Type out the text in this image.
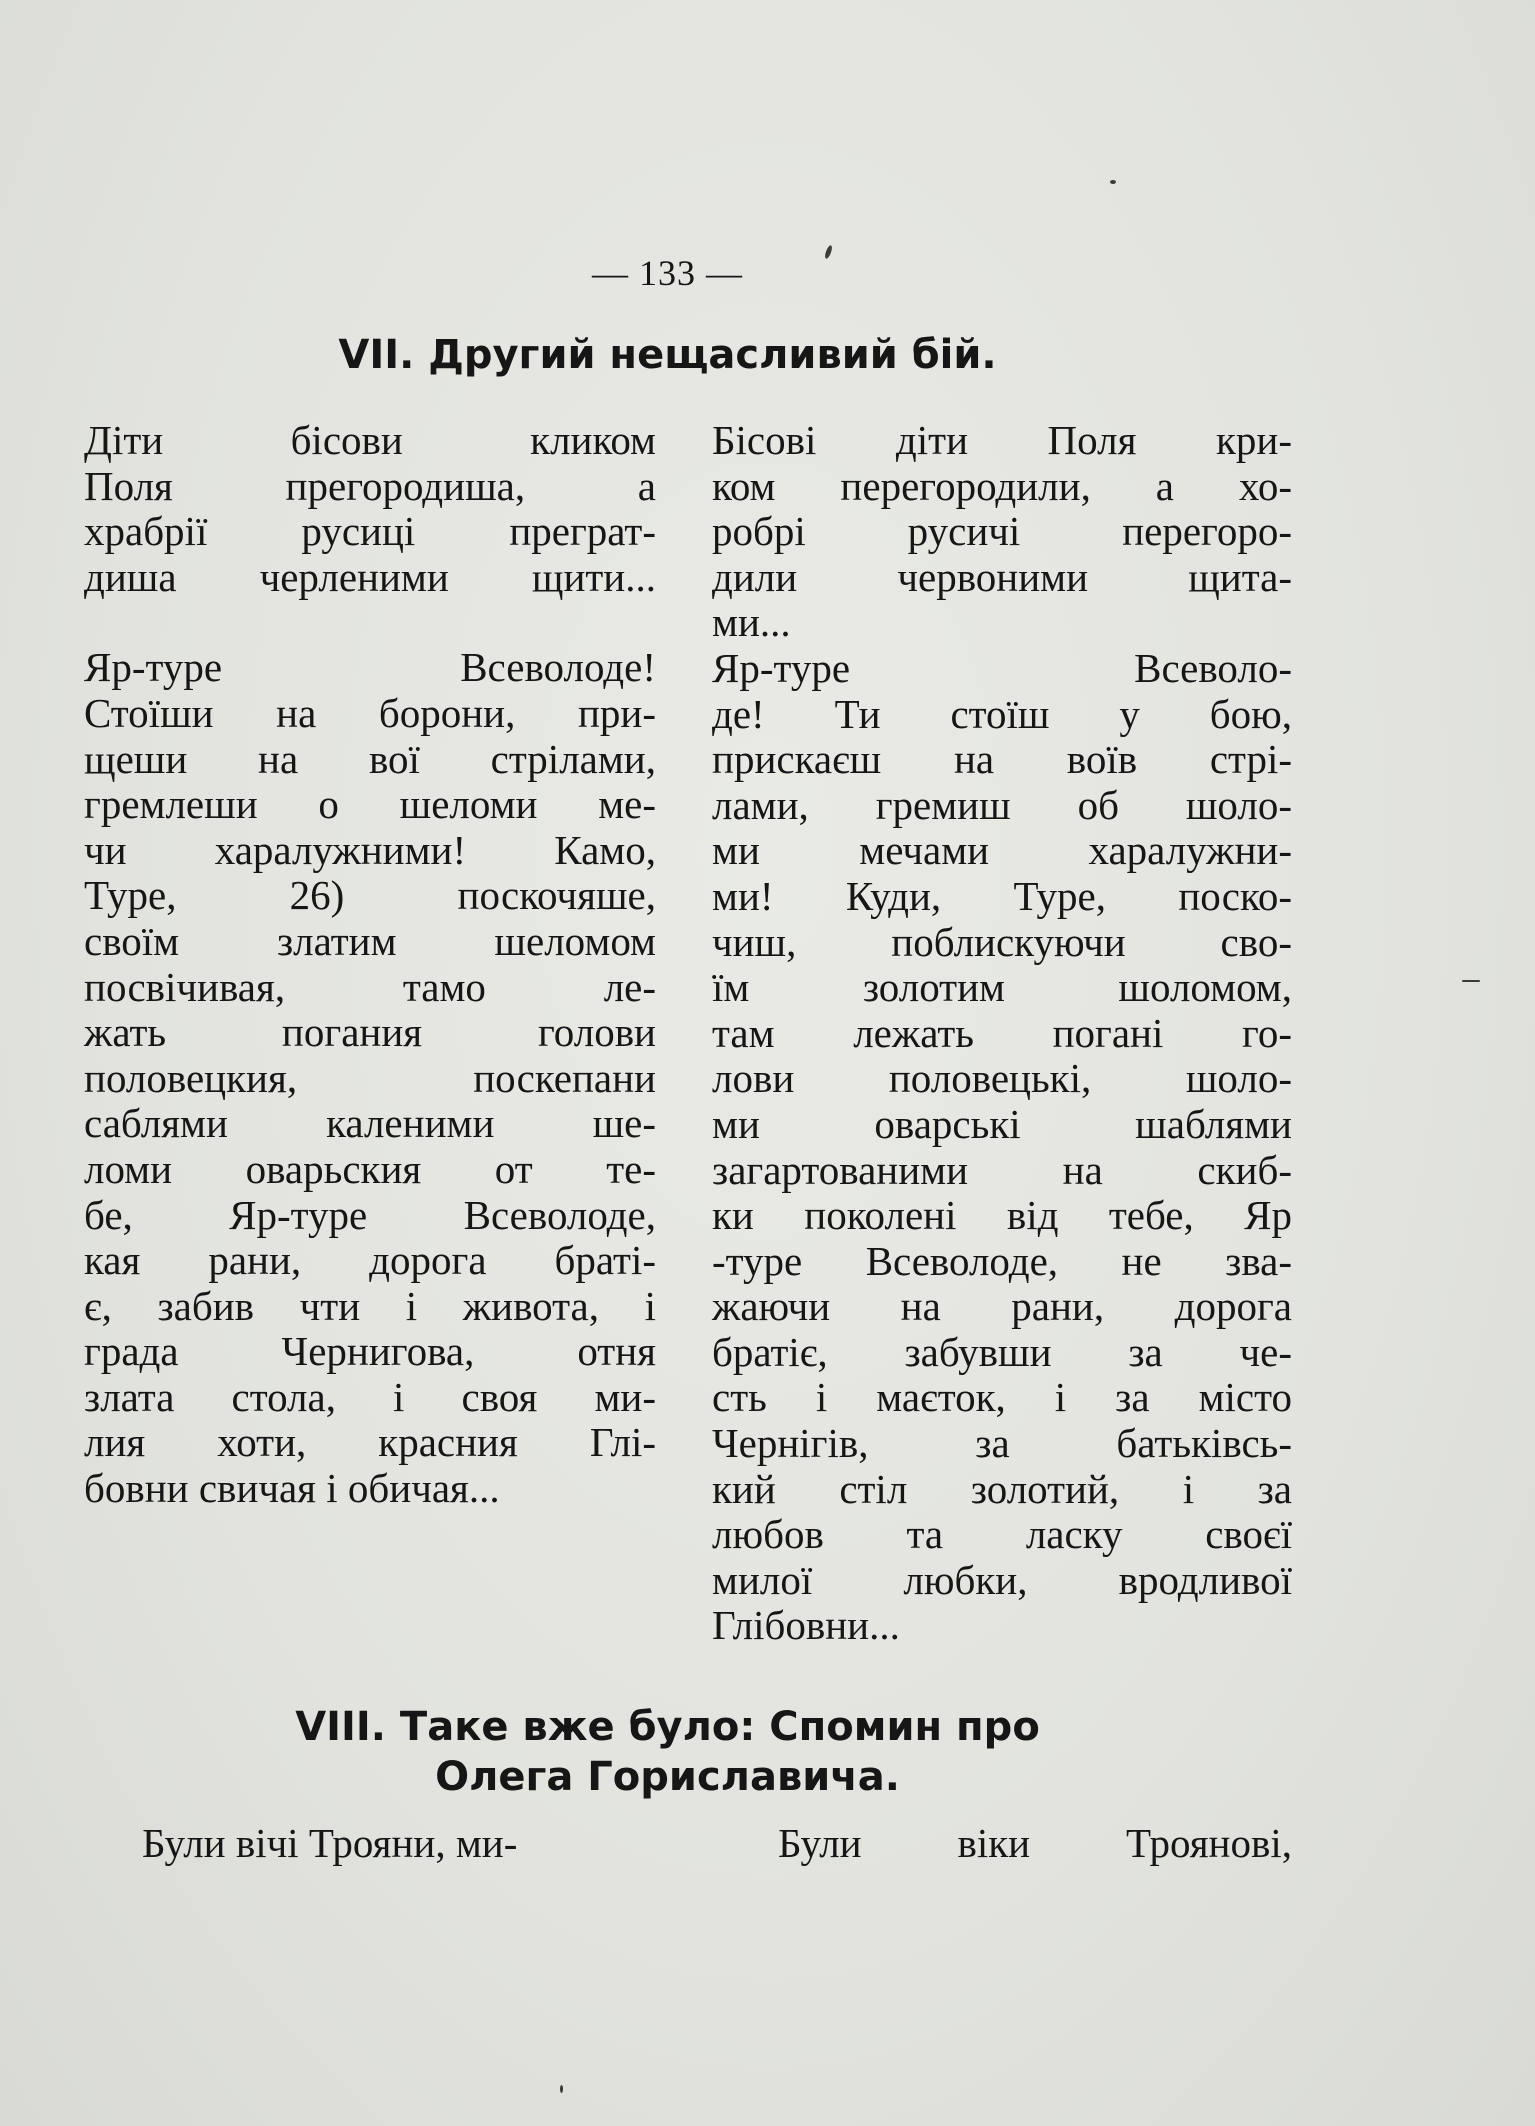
— 133 —
VII. Другий нещасливий бій.
Діти бісови кликом
Поля прегородиша, а
храбрії русиці преграт-
диша черленими щити...
Яр-туре Всеволоде!
Стоїши на борони, при-
щеши на вої стрілами,
гремлеши о шеломи ме-
чи харалужними! Камо,
Туре, 26) поскочяше,
своїм златим шеломом
посвічивая, тамо ле-
жать погания голови
половецкия, поскепани
саблями каленими ше-
ломи оварьския от те-
бе, Яр-туре Всеволоде,
кая рани, дорога браті-
є, забив чти і живота, і
града Чернигова, отня
злата стола, і своя ми-
лия хоти, красния Глі-
бовни свичая і обичая...
Бісові діти Поля кри-
ком перегородили, а хо-
робрі русичі перегоро-
дили червоними щита-
ми...
Яр-туре Всеволо-
де! Ти стоїш у бою,
прискаєш на воїв стрі-
лами, гремиш об шоло-
ми мечами харалужни-
ми! Куди, Туре, поско-
чиш, поблискуючи сво-
їм золотим шоломом,
там лежать погані го-
лови половецькі, шоло-
ми оварські шаблями
загартованими на скиб-
ки поколені від тебе, Яр
-туре Всеволоде, не зва-
жаючи на рани, дорога
братіє, забувши за че-
сть і маєток, і за місто
Чернігів, за батьківсь-
кий стіл золотий, і за
любов та ласку своєї
милої любки, вродливої
Глібовни...
VIII. Таке вже було: Спомин про
Олега Гориславича.
Були вічі Трояни, ми-	Були віки Троянові,
